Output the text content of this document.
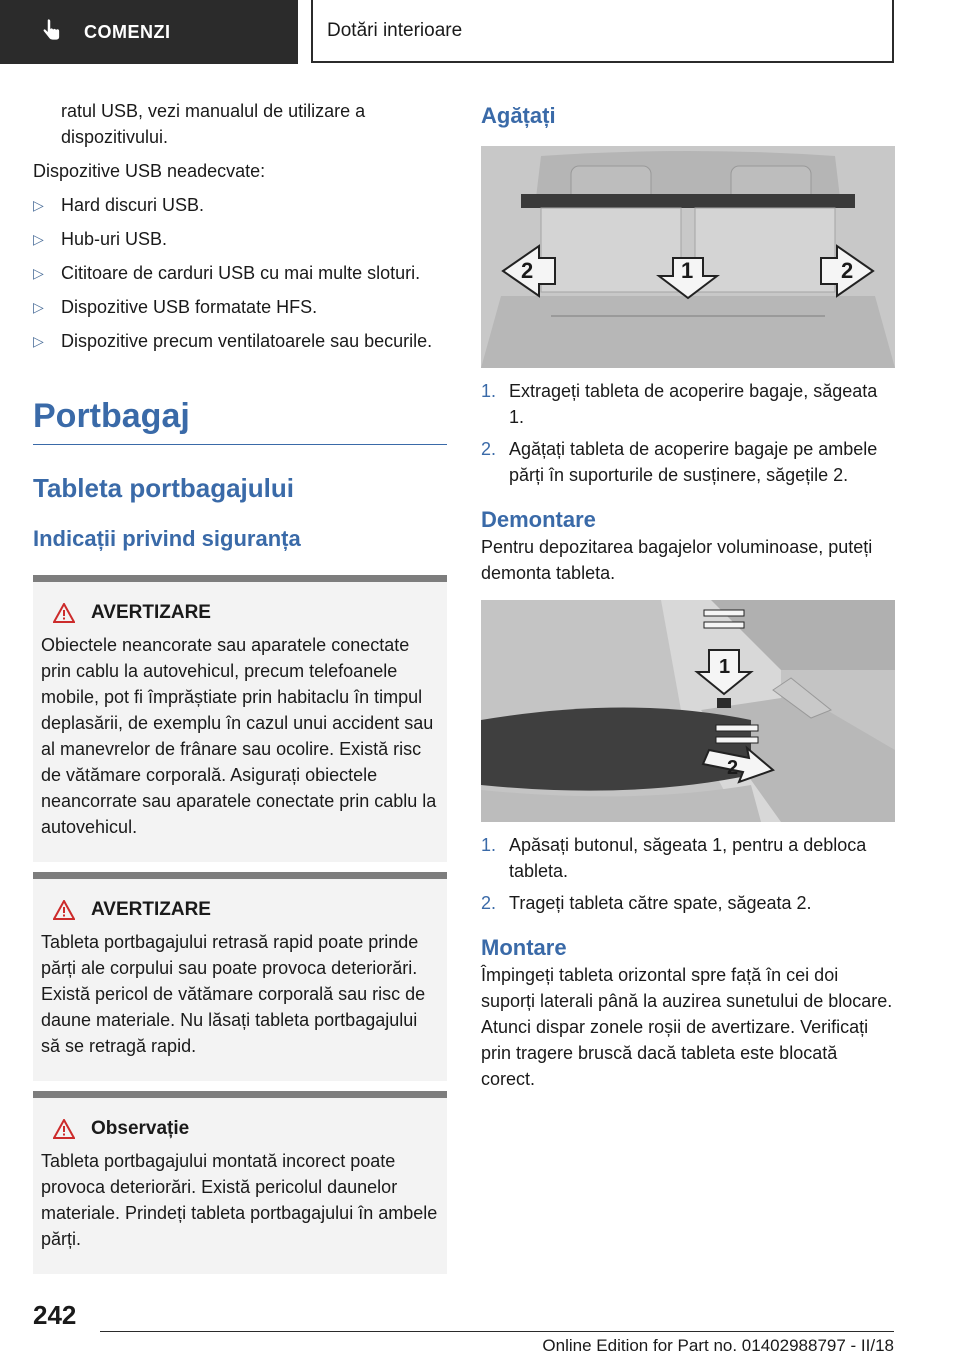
COMENZI	Dotări interioare

ratul USB, vezi manualul de utilizare a dispozitivului.

Dispozitive USB neadecvate:

▷ Hard discuri USB.
▷ Hub-uri USB.
▷ Cititoare de carduri USB cu mai multe sloturi.
▷ Dispozitive USB formatate HFS.
▷ Dispozitive precum ventilatoarele sau becurile.
Portbagaj
Tableta portbagajului
Indicații privind siguranța
AVERTIZARE

Obiectele neancorate sau aparatele conectate prin cablu la autovehicul, precum telefoanele mobile, pot fi împrăștiate prin habitaclu în timpul deplasării, de exemplu în cazul unui accident sau al manevrelor de frânare sau ocolire. Există risc de vătămare corporală. Asigurați obiectele neancorrate sau aparatele conectate prin cablu la autovehicul.

AVERTIZARE

Tableta portbagajului retrasă rapid poate prinde părți ale corpului sau poate provoca deteriorări. Există pericol de vătămare corporală sau risc de daune materiale. Nu lăsați tableta portbagajului să se retragă rapid.

Observație

Tableta portbagajului montată incorect poate provoca deteriorări. Există pericolul daunelor materiale. Prindeți tableta portbagajului în ambele părți.

Agățați
2	1	2
1. Extrageți tableta de acoperire bagaje, săgeata 1.
2. Agățați tableta de acoperire bagaje pe ambele părți în suporturile de susținere, săgețile 2.
Demontare

Pentru depozitarea bagajelor voluminoase, puteți demonta tableta.

1
2
1. Apăsați butonul, săgeata 1, pentru a debloca tableta.
2. Trageți tableta către spate, săgeata 2.
Montare

Împingeți tableta orizontal spre față în cei doi suporți laterali până la auzirea sunetului de blocare. Atunci dispar zonele roșii de avertizare. Verificați prin tragere bruscă dacă tableta este blocată corect.

242
Online Edition for Part no. 01402988797 - II/18
